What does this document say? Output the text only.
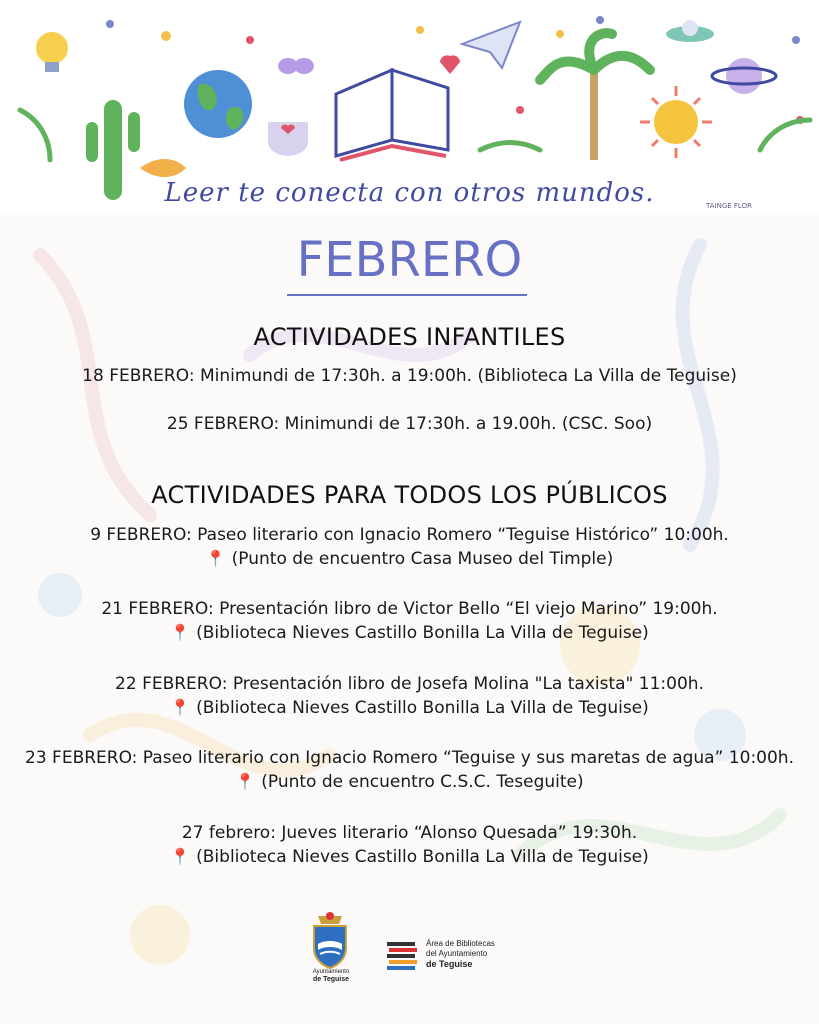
Leer te conecta con otros mundos.	TAINGE FLOR
FEBRERO
ACTIVIDADES INFANTILES
18 FEBRERO: Minimundi de 17:30h. a 19:00h. (Biblioteca La Villa de Teguise)
25 FEBRERO: Minimundi de 17:30h. a 19.00h. (CSC. Soo)
ACTIVIDADES PARA TODOS LOS PÚBLICOS
9 FEBRERO: Paseo literario con Ignacio Romero “Teguise Histórico” 10:00h.
📍 (Punto de encuentro Casa Museo del Timple)
21 FEBRERO: Presentación libro de Victor Bello “El viejo Marino” 19:00h.
📍 (Biblioteca Nieves Castillo Bonilla La Villa de Teguise)
22 FEBRERO: Presentación libro de Josefa Molina "La taxista" 11:00h.
📍 (Biblioteca Nieves Castillo Bonilla La Villa de Teguise)
23 FEBRERO: Paseo literario con Ignacio Romero “Teguise y sus maretas de agua” 10:00h.
📍 (Punto de encuentro C.S.C. Teseguite)
27 febrero: Jueves literario “Alonso Quesada” 19:30h.
📍 (Biblioteca Nieves Castillo Bonilla La Villa de Teguise)
Ayuntamiento
de Teguise
Área de Bibliotecas
del Ayuntamiento
de Teguise
